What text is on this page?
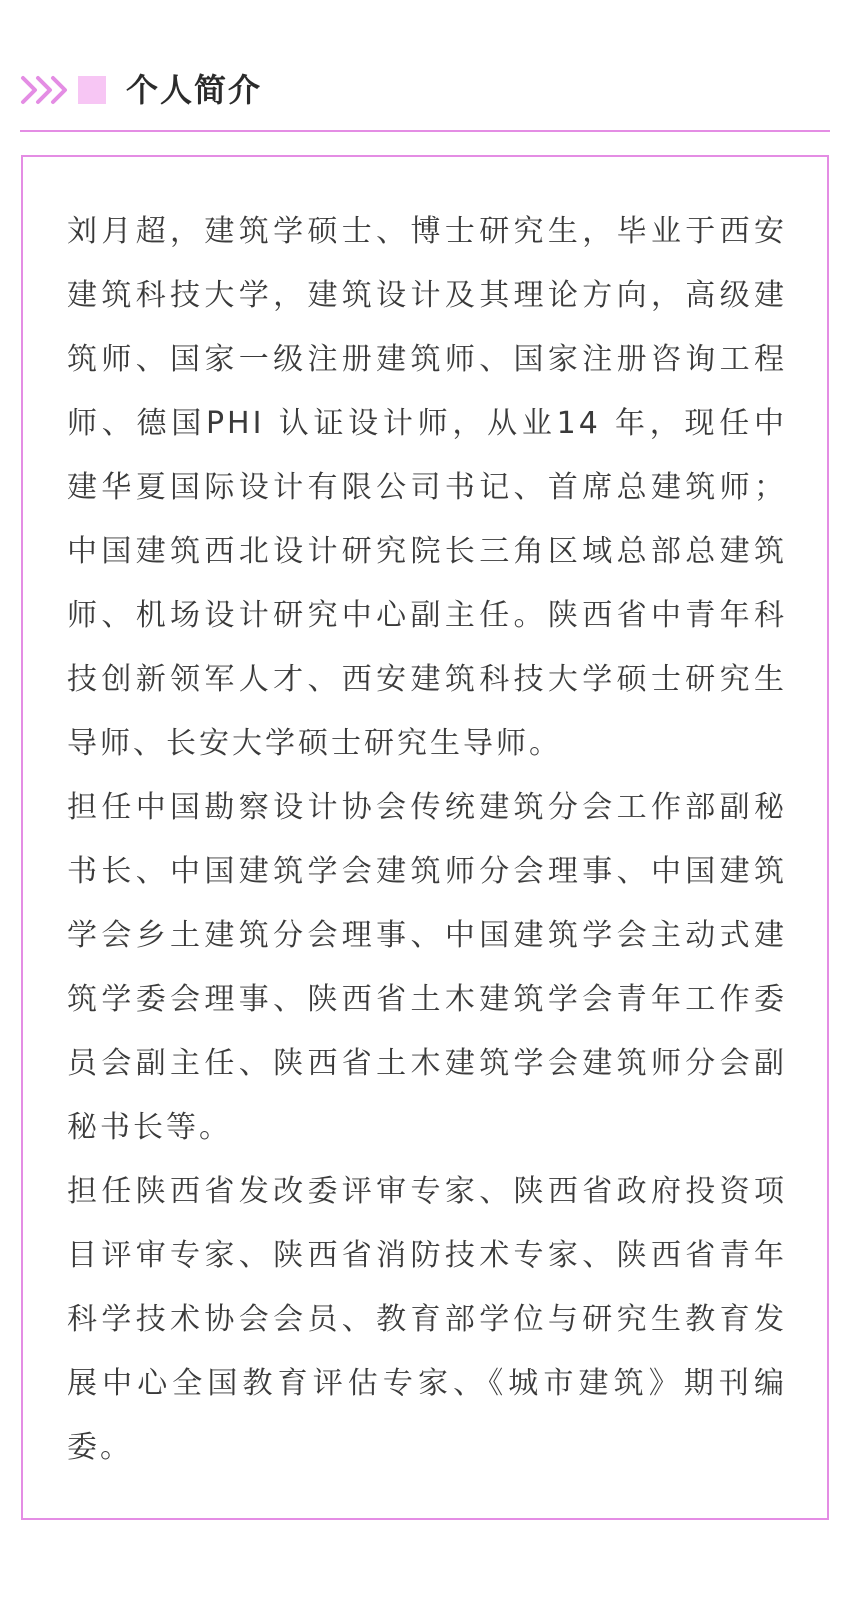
个人简介

刘月超，建筑学硕士、博士研究生，毕业于西安建筑科技大学，建筑设计及其理论方向，高级建筑师、国家一级注册建筑师、国家注册咨询工程师、德国PHI 认证设计师，从业14 年，现任中建华夏国际设计有限公司书记、首席总建筑师；中国建筑西北设计研究院长三角区域总部总建筑师、机场设计研究中心副主任。陕西省中青年科技创新领军人才、西安建筑科技大学硕士研究生导师、长安大学硕士研究生导师。

担任中国勘察设计协会传统建筑分会工作部副秘书长、中国建筑学会建筑师分会理事、中国建筑学会乡土建筑分会理事、中国建筑学会主动式建筑学委会理事、陕西省土木建筑学会青年工作委员会副主任、陕西省土木建筑学会建筑师分会副秘书长等。

担任陕西省发改委评审专家、陕西省政府投资项目评审专家、陕西省消防技术专家、陕西省青年科学技术协会会员、教育部学位与研究生教育发展中心全国教育评估专家、《城市建筑》期刊编委。
